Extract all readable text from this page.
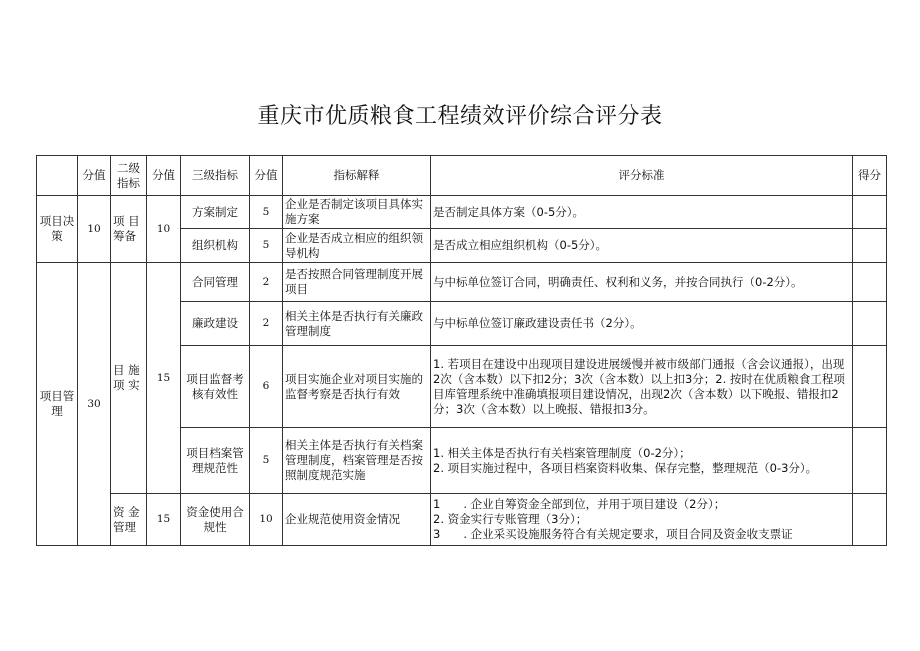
重庆市优质粮食工程绩效评价综合评分表
	分值	二级指标	分值	三级指标	分值	指标解释	评分标准	得分
项目决策	10	项 目筹备	10	方案制定	5	企业是否制定该项目具体实施方案	是否制定具体方案（0-5分）。	

				组织机构	5	企业是否成立相应的组织领导机构	是否成立相应组织机构（0-5分）。	

项目管理	30	目 施 项 实	15	合同管理	2	是否按照合同管理制度开展项目	与中标单位签订合同，明确责任、权利和义务，并按合同执行（0-2分）。	

				廉政建设	2	相关主体是否执行有关廉政管理制度	与中标单位签订廉政建设责任书（2分）。	

				项目监督考核有效性	6	项目实施企业对项目实施的监督考察是否执行有效	1. 若项目在建设中出现项目建设进展缓慢并被市级部门通报（含会议通报），出现2次（含本数）以下扣2分；3次（含本数）以上扣3分；2. 按时在优质粮食工程项目库管理系统中准确填报项目建设情况，出现2次（含本数）以下晚报、错报扣2分；3次（含本数）以上晚报、错报扣3分。	

				项目档案管理规范性	5	相关主体是否执行有关档案管理制度，档案管理是否按照制度规范实施	1. 相关主体是否执行有关档案管理制度（0-2分）；
2. 项目实施过程中，各项目档案资料收集、保存完整，整理规范（0-3分）。	

		资 金管理	15	资金使用合规性	10	企业规范使用资金情况	1　　. 企业自筹资金全部到位，并用于项目建设（2分）；
2. 资金实行专账管理（3分）；
3　　. 企业采买设施服务符合有关规定要求，项目合同及资金收支票证	
